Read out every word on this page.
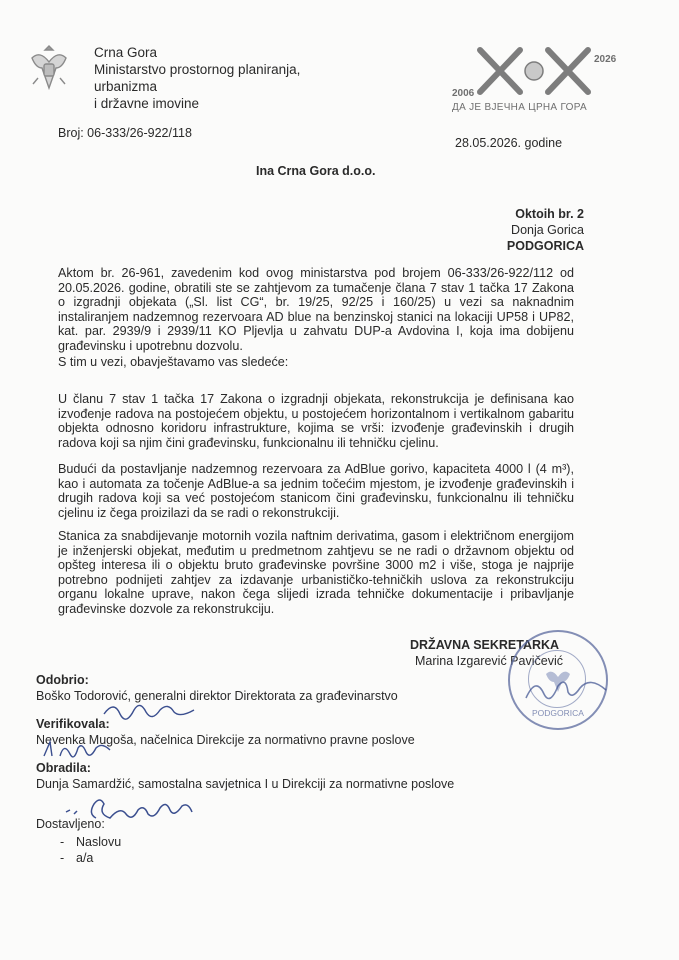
Crna Gora
Ministarstvo prostornog planiranja, urbanizma
i državne imovine
2026
2006
ДА ЈЕ ВЈЕЧНА ЦРНА ГОРА
Broj: 06-333/26-922/118
28.05.2026. godine
Ina Crna Gora d.o.o.
Oktoih br. 2
Donja Gorica
PODGORICA
Aktom br. 26-961, zavedenim kod ovog ministarstva pod brojem 06-333/26-922/112 od 20.05.2026. godine, obratili ste se zahtjevom za tumačenje člana 7 stav 1 tačka 17 Zakona o izgradnji objekata („Sl. list CG“, br. 19/25, 92/25 i 160/25) u vezi sa naknadnim instaliranjem nadzemnog rezervoara AD blue na benzinskoj stanici na lokaciji UP58 i UP82, kat. par. 2939/9 i 2939/11 KO Pljevlja u zahvatu DUP-a Avdovina I, koja ima dobijenu građevinsku i upotrebnu dozvolu.
S tim u vezi, obavještavamo vas sledeće:
U članu 7 stav 1 tačka 17 Zakona o izgradnji objekata, rekonstrukcija je definisana kao izvođenje radova na postojećem objektu, u postojećem horizontalnom i vertikalnom gabaritu objekta odnosno koridoru infrastrukture, kojima se vrši: izvođenje građevinskih i drugih radova koji sa njim čini građevinsku, funkcionalnu ili tehničku cjelinu.
Budući da postavljanje nadzemnog rezervoara za AdBlue gorivo, kapaciteta 4000 l (4 m³), kao i automata za točenje AdBlue-a sa jednim točećim mjestom, je izvođenje građevinskih i drugih radova koji sa već postojećom stanicom čini građevinsku, funkcionalnu ili tehničku cjelinu iz čega proizilazi da se radi o rekonstrukciji.
Stanica za snabdijevanje motornih vozila naftnim derivatima, gasom i električnom energijom je inženjerski objekat, međutim u predmetnom zahtjevu se ne radi o državnom objektu od opšteg interesa ili o objektu bruto građevinske površine 3000 m2 i više, stoga je najprije potrebno podnijeti zahtjev za izdavanje urbanističko-tehničkih uslova za rekonstrukciju organu lokalne uprave, nakon čega slijedi izrada tehničke dokumentacije i pribavljanje građevinske dozvole za rekonstrukciju.
DRŽAVNA SEKRETARKA
Marina Izgarević Pavičević
PODGORICA
Odobrio:
Boško Todorović, generalni direktor Direktorata za građevinarstvo
Verifikovala:
Nevenka Mugoša, načelnica Direkcije za normativno pravne poslove
Obradila:
Dunja Samardžić, samostalna savjetnica I u Direkciji za normativne poslove
Dostavljeno:
- Naslovu
- a/a
